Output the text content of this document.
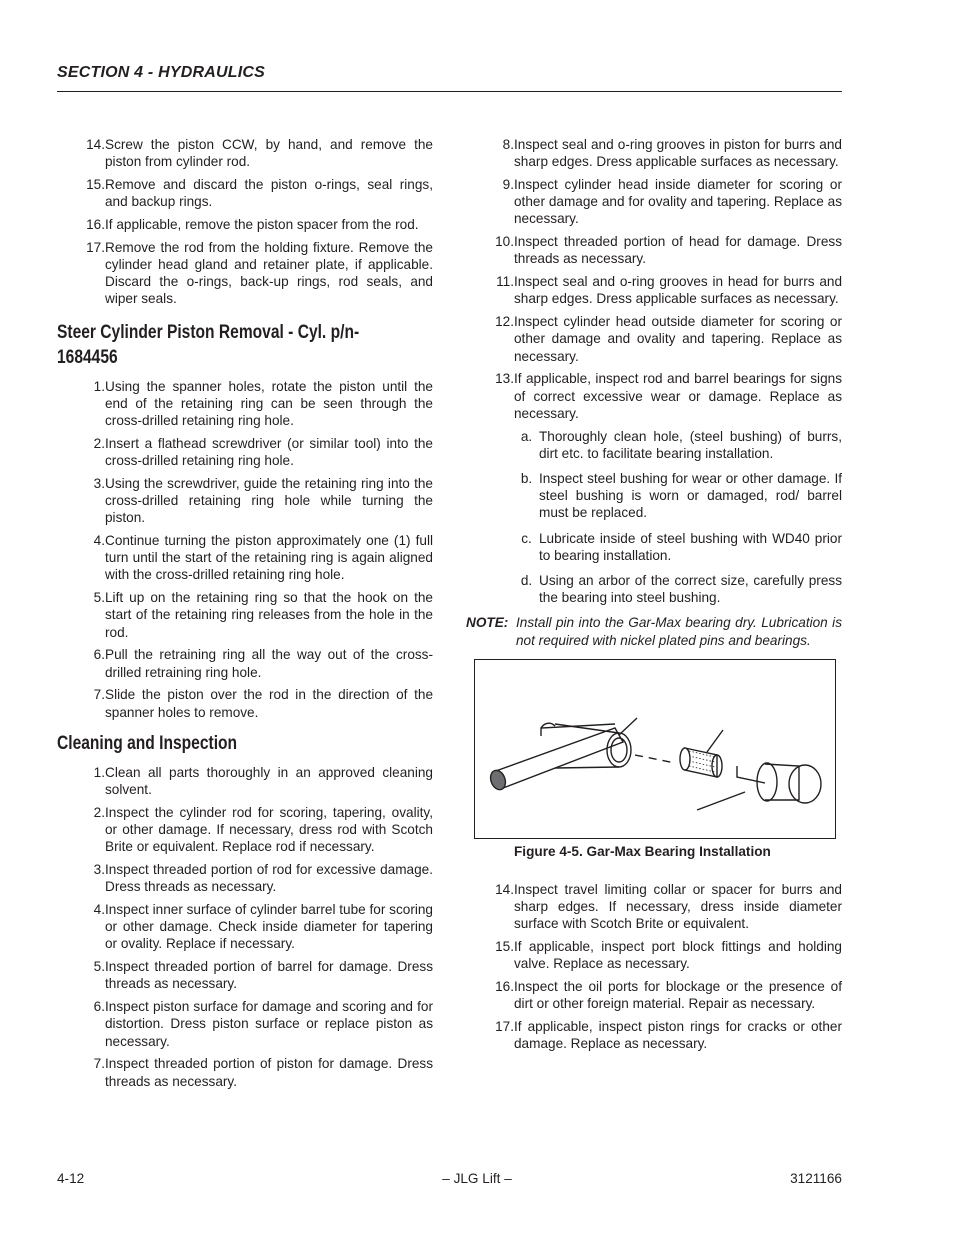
SECTION 4 - HYDRAULICS
14. Screw the piston CCW, by hand, and remove the piston from cylinder rod.
15. Remove and discard the piston o-rings, seal rings, and backup rings.
16. If applicable, remove the piston spacer from the rod.
17. Remove the rod from the holding fixture. Remove the cylinder head gland and retainer plate, if applicable. Discard the o-rings, back-up rings, rod seals, and wiper seals.
Steer Cylinder Piston Removal - Cyl. p/n-
1684456
1. Using the spanner holes, rotate the piston until the end of the retaining ring can be seen through the cross-drilled retaining ring hole.
2. Insert a flathead screwdriver (or similar tool) into the cross-drilled retaining ring hole.
3. Using the screwdriver, guide the retaining ring into the cross-drilled retaining ring hole while turning the piston.
4. Continue turning the piston approximately one (1) full turn until the start of the retaining ring is again aligned with the cross-drilled retaining ring hole.
5. Lift up on the retaining ring so that the hook on the start of the retaining ring releases from the hole in the rod.
6. Pull the retraining ring all the way out of the cross-drilled retraining ring hole.
7. Slide the piston over the rod in the direction of the spanner holes to remove.
Cleaning and Inspection
1. Clean all parts thoroughly in an approved cleaning solvent.
2. Inspect the cylinder rod for scoring, tapering, ovality, or other damage. If necessary, dress rod with Scotch Brite or equivalent. Replace rod if necessary.
3. Inspect threaded portion of rod for excessive damage. Dress threads as necessary.
4. Inspect inner surface of cylinder barrel tube for scoring or other damage. Check inside diameter for tapering or ovality. Replace if necessary.
5. Inspect threaded portion of barrel for damage. Dress threads as necessary.
6. Inspect piston surface for damage and scoring and for distortion. Dress piston surface or replace piston as necessary.
7. Inspect threaded portion of piston for damage. Dress threads as necessary.
8. Inspect seal and o-ring grooves in piston for burrs and sharp edges. Dress applicable surfaces as necessary.
9. Inspect cylinder head inside diameter for scoring or other damage and for ovality and tapering. Replace as necessary.
10. Inspect threaded portion of head for damage. Dress threads as necessary.
11. Inspect seal and o-ring grooves in head for burrs and sharp edges. Dress applicable surfaces as necessary.
12. Inspect cylinder head outside diameter for scoring or other damage and ovality and tapering. Replace as necessary.
13. If applicable, inspect rod and barrel bearings for signs of correct excessive wear or damage. Replace as necessary.
a. Thoroughly clean hole, (steel bushing) of burrs, dirt etc. to facilitate bearing installation.
b. Inspect steel bushing for wear or other damage. If steel bushing is worn or damaged, rod/ barrel must be replaced.
c. Lubricate inside of steel bushing with WD40 prior to bearing installation.
d. Using an arbor of the correct size, carefully press the bearing into steel bushing.
NOTE: Install pin into the Gar-Max bearing dry. Lubrication is not required with nickel plated pins and bearings.
Figure 4-5. Gar-Max Bearing Installation
14. Inspect travel limiting collar or spacer for burrs and sharp edges. If necessary, dress inside diameter surface with Scotch Brite or equivalent.
15. If applicable, inspect port block fittings and holding valve. Replace as necessary.
16. Inspect the oil ports for blockage or the presence of dirt or other foreign material. Repair as necessary.
17. If applicable, inspect piston rings for cracks or other damage. Replace as necessary.
4-12	– JLG Lift –	3121166
